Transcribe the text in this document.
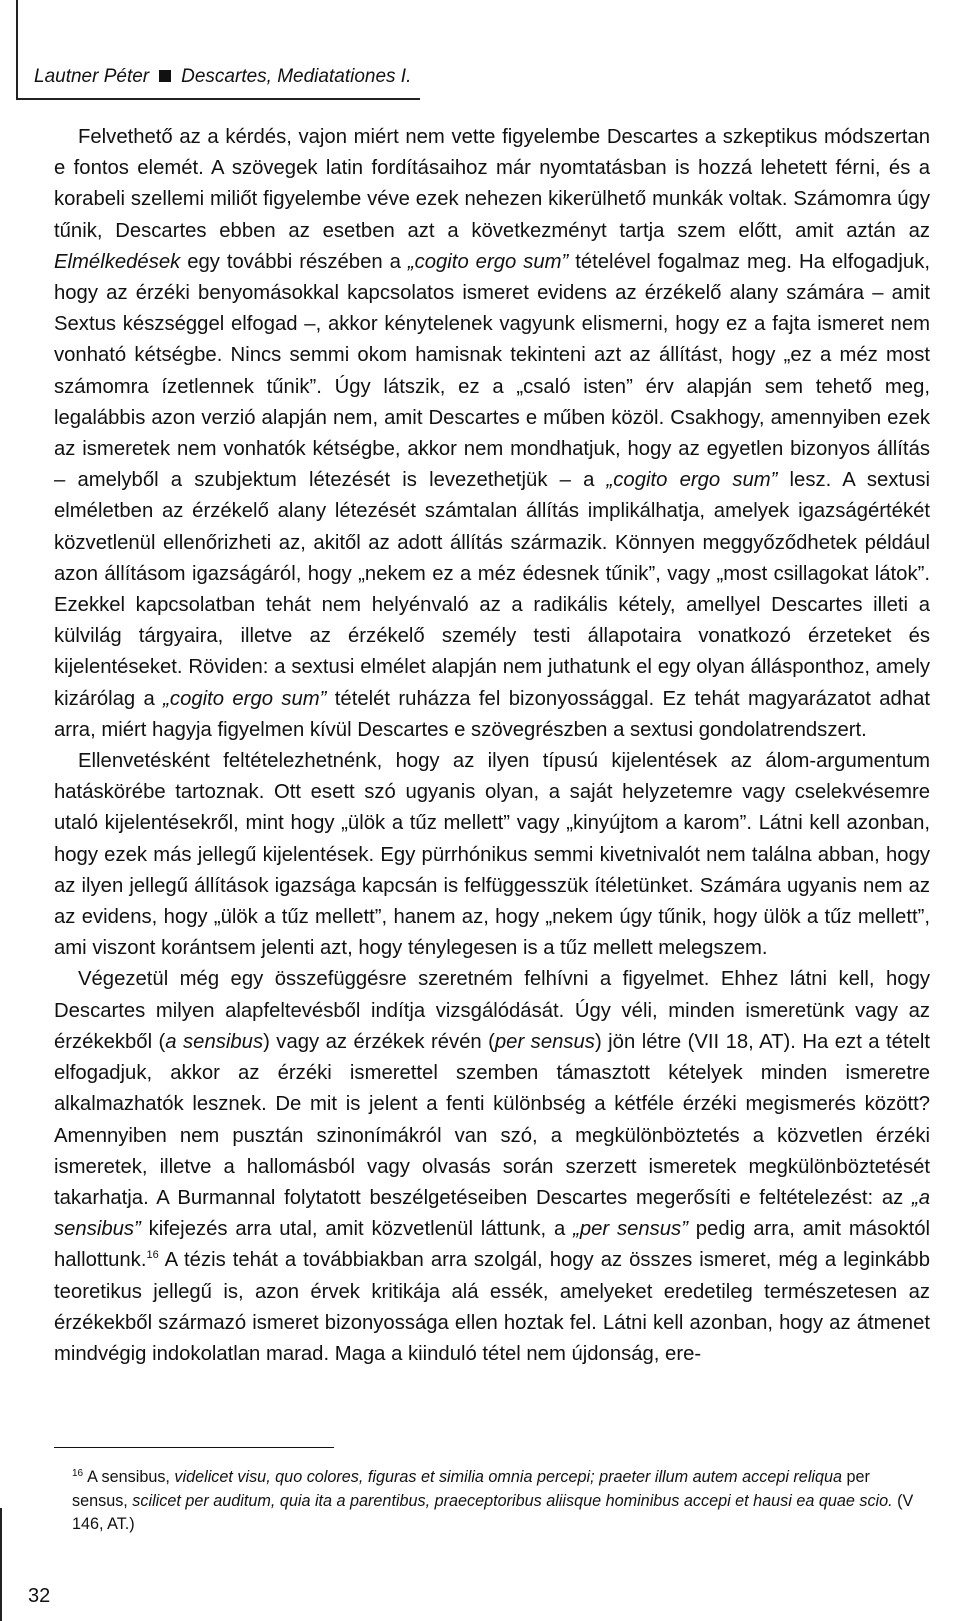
Lautner Péter Descartes, Mediatationes I.

Felvethető az a kérdés, vajon miért nem vette figyelembe Descartes a szkeptikus módszertan e fontos elemét. A szövegek latin fordításaihoz már nyomtatásban is hozzá lehetett férni, és a korabeli szellemi miliőt figyelembe véve ezek nehezen kikerülhető munkák voltak. Számomra úgy tűnik, Descartes ebben az esetben azt a következményt tartja szem előtt, amit aztán az Elmélkedések egy további részében a „cogito ergo sum” tételével fogalmaz meg. Ha elfogadjuk, hogy az érzéki benyomásokkal kapcsolatos ismeret evidens az érzékelő alany számára – amit Sextus készséggel elfogad –, akkor kénytelenek vagyunk elismerni, hogy ez a fajta ismeret nem vonható kétségbe. Nincs semmi okom hamisnak tekinteni azt az állítást, hogy „ez a méz most számomra ízetlennek tűnik”. Úgy látszik, ez a „csaló isten” érv alapján sem tehető meg, legalábbis azon verzió alapján nem, amit Descartes e műben közöl. Csakhogy, amennyiben ezek az ismeretek nem vonhatók kétségbe, akkor nem mondhatjuk, hogy az egyetlen bizonyos állítás – amelyből a szubjektum létezését is levezethetjük – a „cogito ergo sum” lesz. A sextusi elméletben az érzékelő alany létezését számtalan állítás implikálhatja, amelyek igazságértékét közvetlenül ellenőrizheti az, akitől az adott állítás származik. Könnyen meggyőződhetek például azon állításom igazságáról, hogy „nekem ez a méz édesnek tűnik”, vagy „most csillagokat látok”. Ezekkel kapcsolatban tehát nem helyénvaló az a radikális kétely, amellyel Descartes illeti a külvilág tárgyaira, illetve az érzékelő személy testi állapotaira vonatkozó érzeteket és kijelentéseket. Röviden: a sextusi elmélet alapján nem juthatunk el egy olyan állásponthoz, amely kizárólag a „cogito ergo sum” tételét ruházza fel bizonyossággal. Ez tehát magyarázatot adhat arra, miért hagyja figyelmen kívül Descartes e szövegrészben a sextusi gondolatrendszert.

Ellenvetésként feltételezhetnénk, hogy az ilyen típusú kijelentések az álom-argumentum hatáskörébe tartoznak. Ott esett szó ugyanis olyan, a saját helyzetemre vagy cselekvésemre utaló kijelentésekről, mint hogy „ülök a tűz mellett” vagy „kinyújtom a karom”. Látni kell azonban, hogy ezek más jellegű kijelentések. Egy pürrhónikus semmi kivetnivalót nem találna abban, hogy az ilyen jellegű állítások igazsága kapcsán is felfüggesszük ítéletünket. Számára ugyanis nem az az evidens, hogy „ülök a tűz mellett”, hanem az, hogy „nekem úgy tűnik, hogy ülök a tűz mellett”, ami viszont korántsem jelenti azt, hogy ténylegesen is a tűz mellett melegszem.

Végezetül még egy összefüggésre szeretném felhívni a figyelmet. Ehhez látni kell, hogy Descartes milyen alapfeltevésből indítja vizsgálódását. Úgy véli, minden ismeretünk vagy az érzékekből (a sensibus) vagy az érzékek révén (per sensus) jön létre (VII 18, AT). Ha ezt a tételt elfogadjuk, akkor az érzéki ismerettel szemben támasztott kételyek minden ismeretre alkalmazhatók lesznek. De mit is jelent a fenti különbség a kétféle érzéki megismerés között? Amennyiben nem pusztán szinonímákról van szó, a megkülönböztetés a közvetlen érzéki ismeretek, illetve a hallomásból vagy olvasás során szerzett ismeretek megkülönböztetését takarhatja. A Burmannal folytatott beszélgetéseiben Descartes megerősíti e feltételezést: az „a sensibus” kifejezés arra utal, amit közvetlenül láttunk, a „per sensus” pedig arra, amit másoktól hallottunk.$^{16}$ A tézis tehát a továbbiakban arra szolgál, hogy az összes ismeret, még a leginkább teoretikus jellegű is, azon érvek kritikája alá essék, amelyeket eredetileg természetesen az érzékekből származó ismeret bizonyossága ellen hoztak fel. Látni kell azonban, hogy az átmenet mindvégig indokolatlan marad. Maga a kiinduló tétel nem újdonság, ere-

$^{16}$ A sensibus, videlicet visu, quo colores, figuras et similia omnia percepi; praeter illum autem accepi reliqua per sensus, scilicet per auditum, quia ita a parentibus, praeceptoribus aliisque hominibus accepi et hausi ea quae scio. (V 146, AT.)
32
